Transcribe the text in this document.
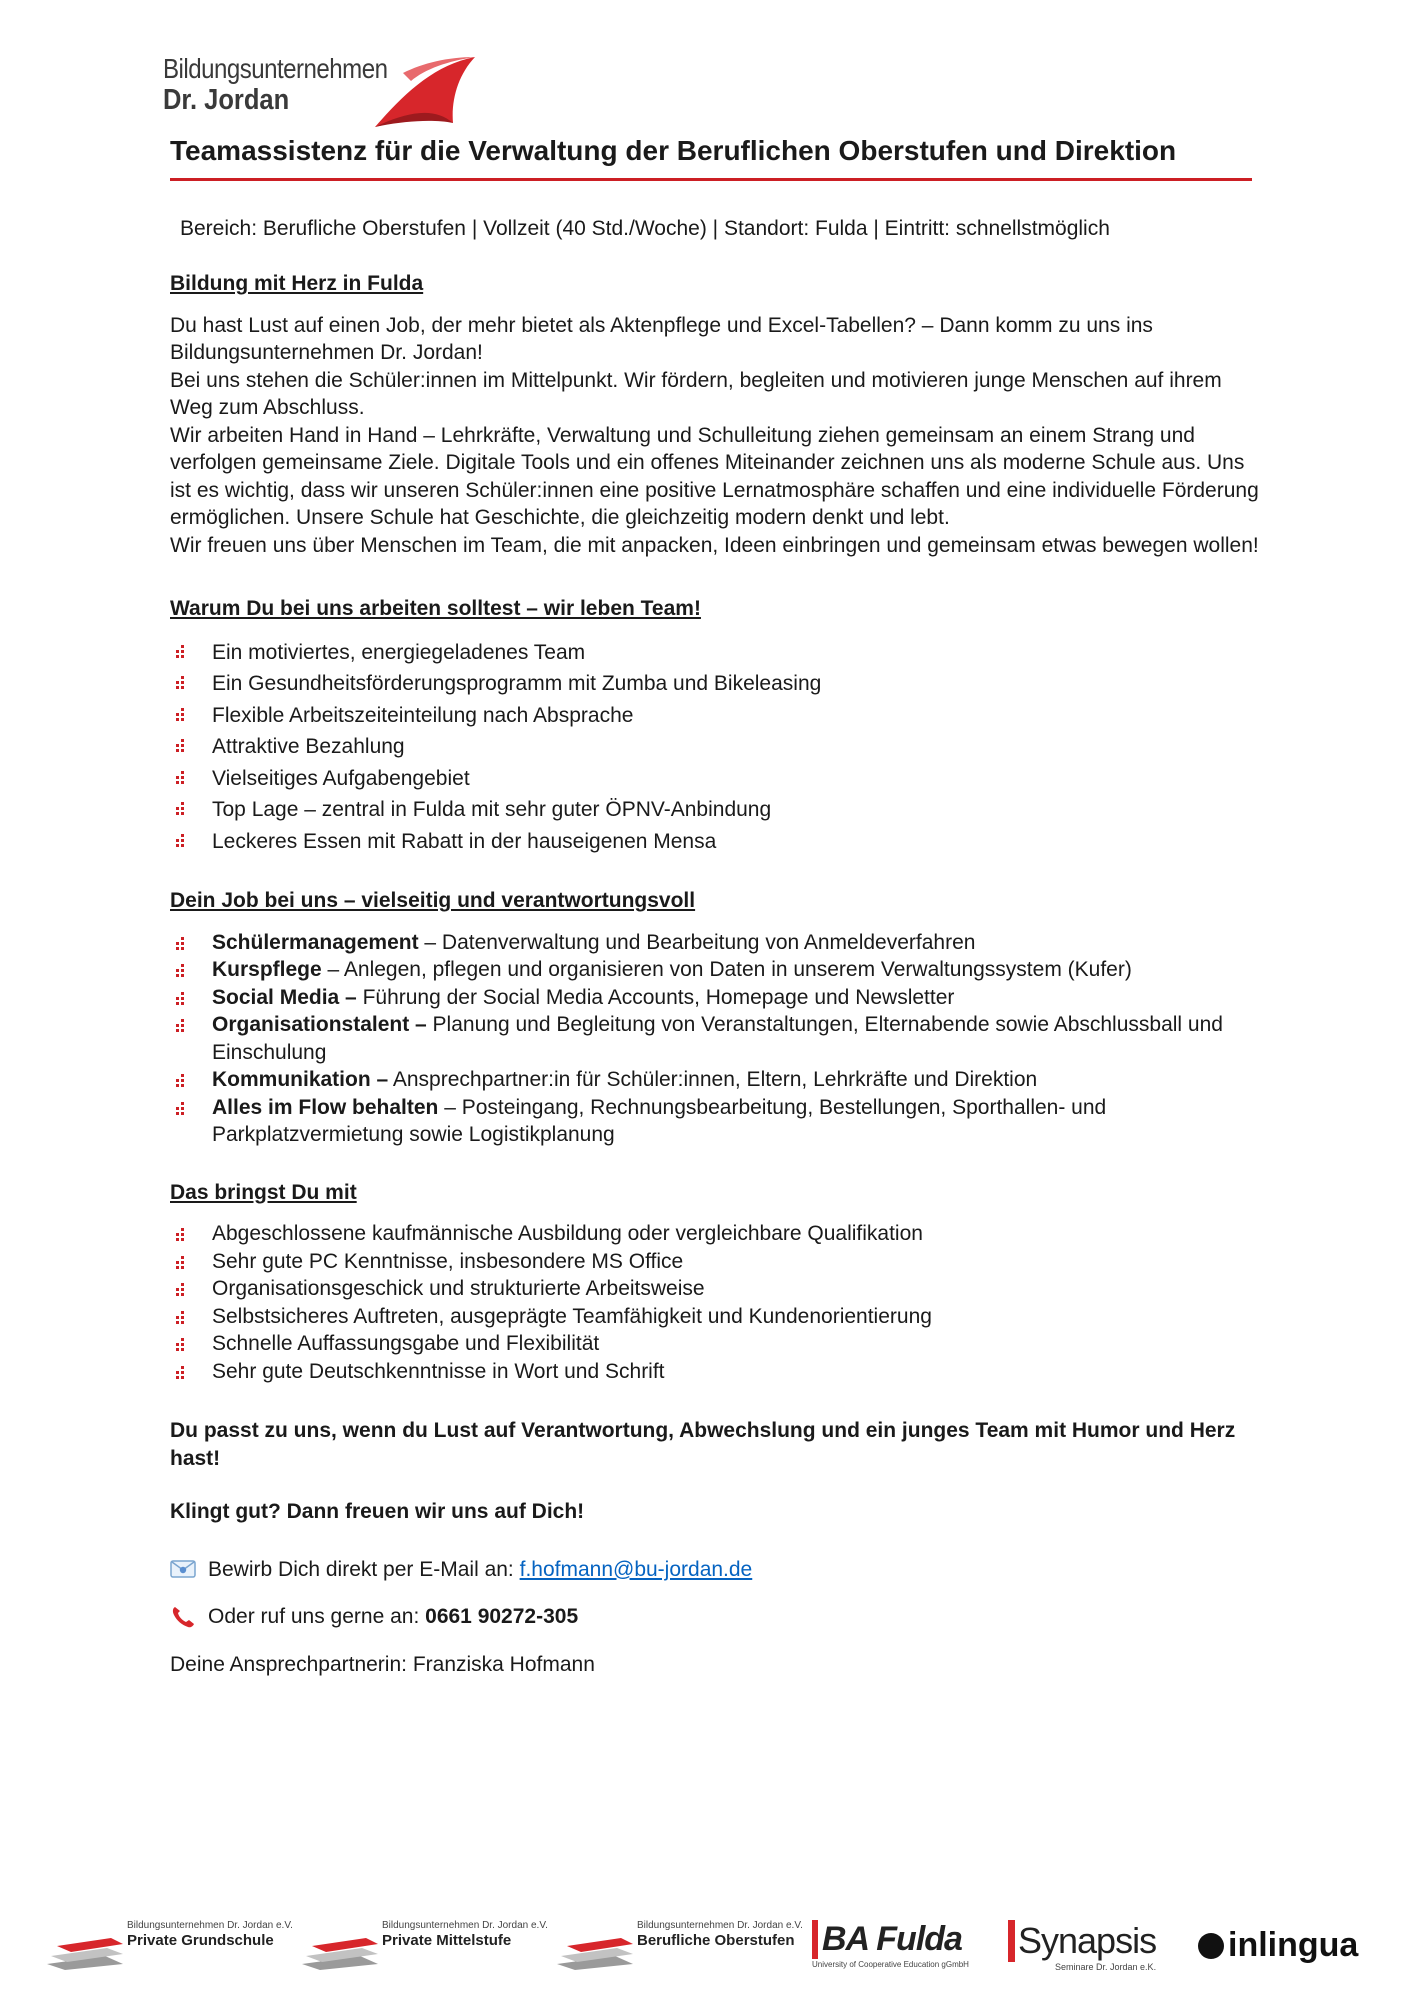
Bildungsunternehmen
Dr. Jordan
Teamassistenz für die Verwaltung der Beruflichen Oberstufen und Direktion
Bereich: Berufliche Oberstufen | Vollzeit (40 Std./Woche) | Standort: Fulda | Eintritt: schnellstmöglich
Bildung mit Herz in Fulda

Du hast Lust auf einen Job, der mehr bietet als Aktenpflege und Excel-Tabellen? – Dann komm zu uns ins Bildungsunternehmen Dr. Jordan!

Bei uns stehen die Schüler:innen im Mittelpunkt. Wir fördern, begleiten und motivieren junge Menschen auf ihrem Weg zum Abschluss.

Wir arbeiten Hand in Hand – Lehrkräfte, Verwaltung und Schulleitung ziehen gemeinsam an einem Strang und verfolgen gemeinsame Ziele. Digitale Tools und ein offenes Miteinander zeichnen uns als moderne Schule aus. Uns ist es wichtig, dass wir unseren Schüler:innen eine positive Lernatmosphäre schaffen und eine individuelle Förderung ermöglichen. Unsere Schule hat Geschichte, die gleichzeitig modern denkt und lebt.

Wir freuen uns über Menschen im Team, die mit anpacken, Ideen einbringen und gemeinsam etwas bewegen wollen!

Warum Du bei uns arbeiten solltest – wir leben Team!
Ein motiviertes, energiegeladenes Team
Ein Gesundheitsförderungsprogramm mit Zumba und Bikeleasing
Flexible Arbeitszeiteinteilung nach Absprache
Attraktive Bezahlung
Vielseitiges Aufgabengebiet
Top Lage – zentral in Fulda mit sehr guter ÖPNV-Anbindung
Leckeres Essen mit Rabatt in der hauseigenen Mensa
Dein Job bei uns – vielseitig und verantwortungsvoll
Schülermanagement – Datenverwaltung und Bearbeitung von Anmeldeverfahren
Kurspflege – Anlegen, pflegen und organisieren von Daten in unserem Verwaltungssystem (Kufer)
Social Media – Führung der Social Media Accounts, Homepage und Newsletter
Organisationstalent – Planung und Begleitung von Veranstaltungen, Elternabende sowie Abschlussball und Einschulung
Kommunikation – Ansprechpartner:in für Schüler:innen, Eltern, Lehrkräfte und Direktion
Alles im Flow behalten – Posteingang, Rechnungsbearbeitung, Bestellungen, Sporthallen- und Parkplatzvermietung sowie Logistikplanung
Das bringst Du mit
Abgeschlossene kaufmännische Ausbildung oder vergleichbare Qualifikation
Sehr gute PC Kenntnisse, insbesondere MS Office
Organisationsgeschick und strukturierte Arbeitsweise
Selbstsicheres Auftreten, ausgeprägte Teamfähigkeit und Kundenorientierung
Schnelle Auffassungsgabe und Flexibilität
Sehr gute Deutschkenntnisse in Wort und Schrift

Du passt zu uns, wenn du Lust auf Verantwortung, Abwechslung und ein junges Team mit Humor und Herz hast!

Klingt gut? Dann freuen wir uns auf Dich!

Bewirb Dich direkt per E-Mail an: f.hofmann@bu-jordan.de

Oder ruf uns gerne an: 0661 90272-305

Deine Ansprechpartnerin: Franziska Hofmann

Bildungsunternehmen Dr. Jordan e.V.
Private Grundschule
Bildungsunternehmen Dr. Jordan e.V.
Private Mittelstufe
Bildungsunternehmen Dr. Jordan e.V.
Berufliche Oberstufen BA Fulda
University of Cooperative Education gGmbH
Synapsis
Seminare Dr. Jordan e.K.
inlingua
